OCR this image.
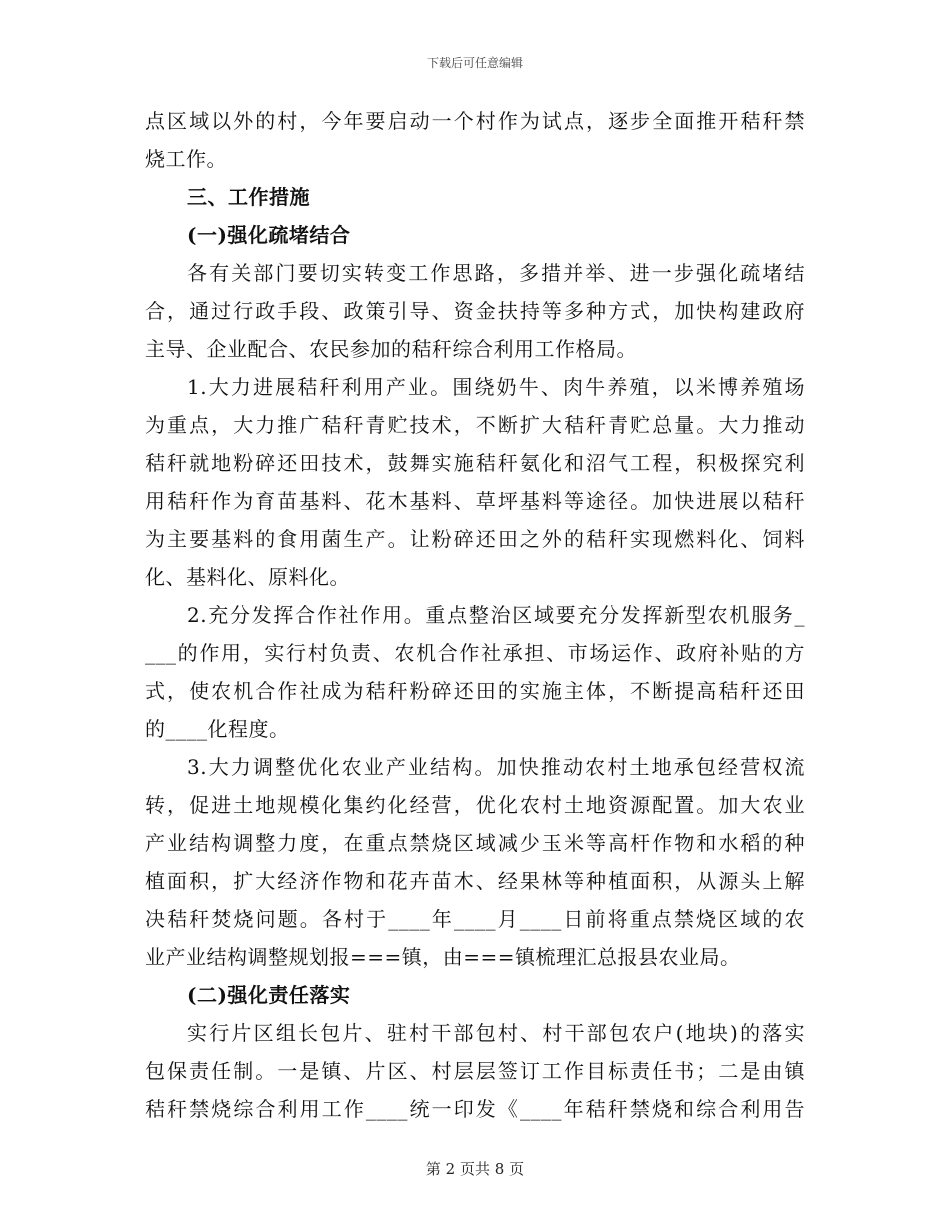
下载后可任意编辑
点区域以外的村，今年要启动一个村作为试点，逐步全面推开秸秆禁
烧工作。
三、工作措施
(一)强化疏堵结合
各有关部门要切实转变工作思路，多措并举、进一步强化疏堵结
合，通过行政手段、政策引导、资金扶持等多种方式，加快构建政府
主导、企业配合、农民参加的秸秆综合利用工作格局。
1.大力进展秸秆利用产业。围绕奶牛、肉牛养殖，以米博养殖场
为重点，大力推广秸秆青贮技术，不断扩大秸秆青贮总量。大力推动
秸秆就地粉碎还田技术，鼓舞实施秸秆氨化和沼气工程，积极探究利
用秸秆作为育苗基料、花木基料、草坪基料等途径。加快进展以秸秆
为主要基料的食用菌生产。让粉碎还田之外的秸秆实现燃料化、饲料
化、基料化、原料化。
2.充分发挥合作社作用。重点整治区域要充分发挥新型农机服务_
___的作用，实行村负责、农机合作社承担、市场运作、政府补贴的方
式，使农机合作社成为秸秆粉碎还田的实施主体，不断提高秸秆还田
的____化程度。
3.大力调整优化农业产业结构。加快推动农村土地承包经营权流
转，促进土地规模化集约化经营，优化农村土地资源配置。加大农业
产业结构调整力度，在重点禁烧区域减少玉米等高杆作物和水稻的种
植面积，扩大经济作物和花卉苗木、经果林等种植面积，从源头上解
决秸秆焚烧问题。各村于____年____月____日前将重点禁烧区域的农
业产业结构调整规划报===镇，由===镇梳理汇总报县农业局。
(二)强化责任落实
实行片区组长包片、驻村干部包村、村干部包农户(地块)的落实
包保责任制。一是镇、片区、村层层签订工作目标责任书；二是由镇
秸秆禁烧综合利用工作____统一印发《____年秸秆禁烧和综合利用告
第 2 页共 8 页
